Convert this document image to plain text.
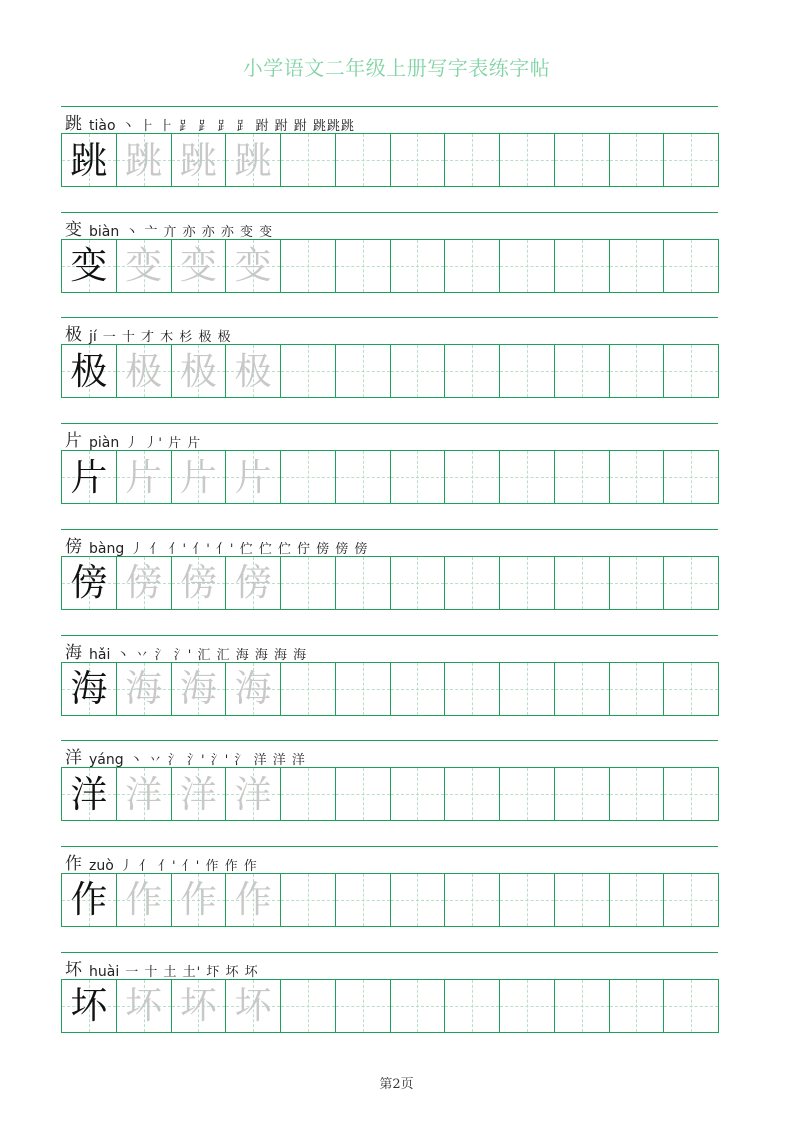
小学语文二年级上册写字表练字帖
跳 tiào 丶 ⺊ ⺊ ⻊ ⻊ ⻊ ⻊ 跗 跗 跗 跳跳跳
跳 跳 跳 跳
变 biàn 丶 亠 亣 亦 亦 亦 变 变
变 变 变 变
极 jí 一 十 才 木 杉 极 极
极 极 极 极
片 piàn 丿 丿' 片 片
片 片 片 片
傍 bàng 丿 亻 亻' 亻' 亻' 伫 伫 伫 佇 傍 傍 傍
傍 傍 傍 傍
海 hǎi 丶 丷 氵 氵' 汇 汇 海 海 海 海
海 海 海 海
洋 yáng 丶 丷 氵 氵' 氵' 氵 洋 洋 洋
洋 洋 洋 洋
作 zuò 丿 亻 亻' 亻' 作 作 作
作 作 作 作
坏 huài 一 十 土 土' 圷 坏 坏
坏 坏 坏 坏
第2页
